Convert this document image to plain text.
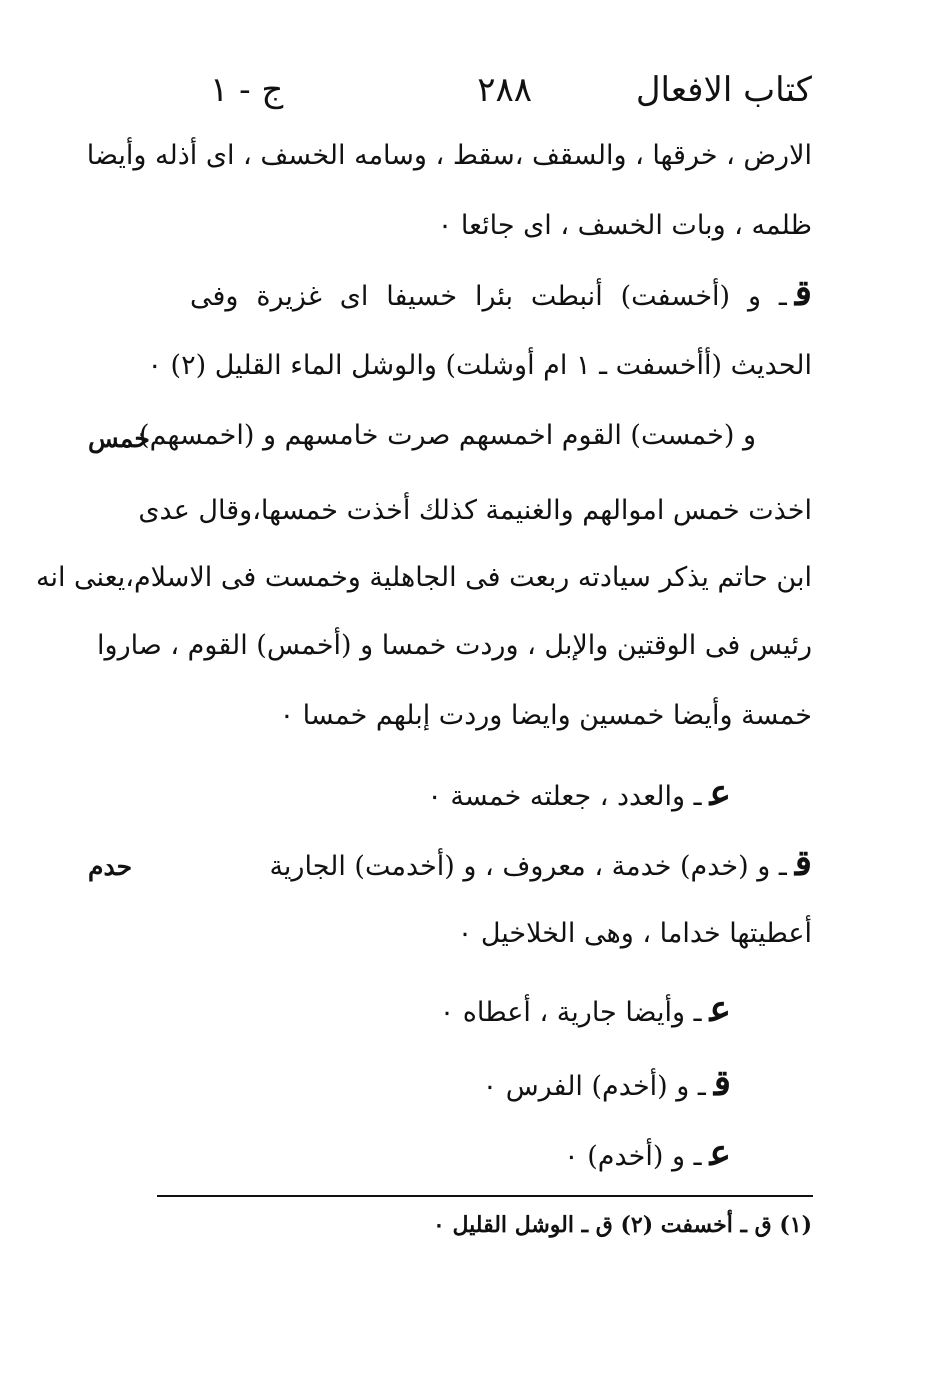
كتاب الافعال
٢٨٨
ج - ١
الارض ، خرقها ، والسقف ،سقط ، وسامه الخسف ، اى أذله وأيضا
ظلمه ، وبات الخسف ، اى جائعا ٠
قـ و (أخسفت) أنبطت بئرا خسيفا اى غزيرة وفى
الحديث (أأخسفت ـ ١ ام أوشلت) والوشل الماء القليل (٢) ٠
و (خمست) القوم اخمسهم صرت خامسهم و (اخمسهم)
خمس
اخذت خمس اموالهم والغنيمة كذلك أخذت خمسها،وقال عدى
ابن حاتم يذكر سيادته ربعت فى الجاهلية وخمست فى الاسلام،يعنى انه
رئيس فى الوقتين والإبل ، وردت خمسا و (أخمس) القوم ، صاروا
خمسة وأيضا خمسين وايضا وردت إبلهم خمسا ٠
عـ والعدد ، جعلته خمسة ٠
قـ و (خدم) خدمة ، معروف ، و (أخدمت) الجارية
حدم
أعطيتها خداما ، وهى الخلاخيل ٠
عـ وأيضا جارية ، أعطاه ٠
قـ و (أخدم) الفرس ٠
عـ و (أخدم) ٠
(١) ق ـ أخسفت (٢) ق ـ الوشل القليل ٠
